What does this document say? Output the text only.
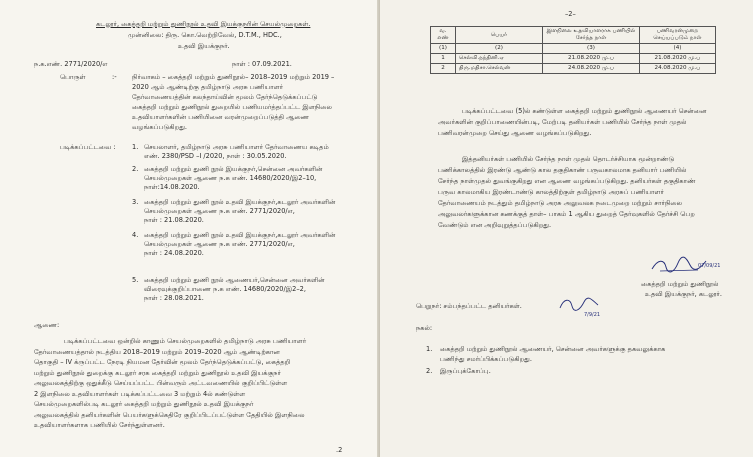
கடலூர், கைத்தறி மற்றும் துணிநூல் உதவி இயக்குநரின் செயல்முறைகள்.
முன்னிலை: திரு. கொ.வெற்றிவேல், D.T.M., HDC.,
உதவி இயக்குநர்.
ந.க.எண். 2771/2020/எ	நாள் : 07.09.2021.
பொருள்	:- நிர்வாகம் – கைத்தறி மற்றும் துணிநூல்– 2018–2019 மற்றும் 2019 –
2020 ஆம் ஆண்டிற்கு தமிழ்நாடு அரசு பணியாளர்
தேர்வாணையத்தின் கலந்தாய்வின் மூலம் தேர்ந்தெடுக்கப்பட்டு
கைத்தறி மற்றும் துணிநூல் துறையில் பணியமர்த்தப்பட்ட இளநிலை
உதவியாளர்களின் பணியினை வரன்முறைப்படுத்தி ஆணை
வழங்கப்படுகிறது.
படிக்கப்பட்டவை : 1. செயலாளர், தமிழ்நாடு அரசு பணியாளர் தேர்வாணைய கடிதம்
எண். 2380/PSD –I /2020, நாள் : 30.05.2020.
2. கைத்தறி மற்றும் துணி நூல் இயக்குநர்,சென்னை அவர்களின்
செயல்முறைகள் ஆணை ந.க எண். 14680/2020/இ2–10,
நாள்:14.08.2020.
3. கைத்தறி மற்றும் துணி நூல் உதவி இயக்குநர்,கடலூர் அவர்களின்
செயல்முறைகள் ஆணை ந.க எண். 2771/2020/எ,
நாள் : 21.08.2020.
4. கைத்தறி மற்றும் துணி நூல் உதவி இயக்குநர்,கடலூர் அவர்களின்
செயல்முறைகள் ஆணை ந.க எண். 2771/2020/எ,
நாள் : 24.08.2020.
5. கைத்தறி மற்றும் துணி நூல் ஆணையர்,சென்னை அவர்களின்
விரைவுக்குறிப்பாணை ந.க எண். 14680/2020/இ2–2,
நாள் : 28.08.2021.
ஆணை:
படிக்கப்பட்டவை ஒன்றில் காணும் செயல்முறைகளில் தமிழ்நாடு அரசு பணியாளர்
தேர்வாணையத்தால் நடத்திய 2018–2019 மற்றும் 2019–2020 ஆம் ஆண்டிற்கான
தொகுதி – IV க்ருப்பட்ட நேரடி நியமன தேர்வின் மூலம் தேர்ந்தெடுக்கப்பட்டு, கைத்தறி
மற்றும் துணிநூல் துறைக்கு கடலூர் சரக கைத்தறி மற்றும் துணிநூல் உதவி இயக்குநர்
அலுவலகத்திற்கு ஒதுக்கீடு செய்யப்பட்ட பின்வரும் அட்டவணையில் குறிப்பிட்டுள்ள
2 இளநிலை உதவியாளர்கள் படிக்கப்பட்டவை 3 மற்றும் 4ல் கண்டுள்ள
செயல்முறைகளில்படி கடலூர் கைத்தறி மற்றும் துணிநூல் உதவி இயக்குநர்
அலுவலகத்தில் தனியர்களின் பெயர்களுக்கெதிரே குறிப்பிடப்பட்டுள்ள தேதியில் இளநிலை
உதவியாளர்களாக பணியில் சேர்ந்துள்ளனர்.
.2
–2–
வ. எண்	பெயர்	இளநிலை உதவியாளராக பணியில் சேர்ந்த நாள்	பணிவரன்முறை செய்யப்படும் நாள்
(1)	(2)	(3)	(4)
1	செல்வி.நந்தினி.ஏ	21.08.2020 மு.ப	21.08.2020 மு.ப
2	திரு.மதிசா.செல்வன்	24.08.2020 மு.ப	24.08.2020 மு.ப
படிக்கப்பட்டவை (5)ல் கண்டுள்ள கைத்தறி மற்றும் துணிநூல் ஆணையர் சென்னை
அவர்களின் குறிப்பாணையின்படி, மேற்படி தனியர்கள் பணியில் சேர்ந்த நாள் முதல்
பணிவரன்முறை செய்து ஆணை வழங்கப்படுகிறது.
இத்தனியர்கள் பணியில் சேர்ந்த நாள் முதல் தொடர்ச்சியாக மூன்றாண்டு
பணிக்காலத்தில் இரண்டு ஆண்டு கால தகுதிகாண் பருவகாலமாக தனியார் பணியில்
சேர்ந்த நாள்முதல் துவங்குகிறது என ஆணை வழங்கப்படுகிறது. தனியர்கள் தகுதிகாண்
பருவ காலமாகிய இரண்டாண்டு காலத்திற்குள் தமிழ்நாடு அரசுப் பணியாளர்
தேர்வாணையம் நடத்தும் தமிழ்நாடு அரசு அலுவலக நடைமுறை மற்றும் சார்நிலை
அலுவலர்களுக்கான கணக்குத் தாள்– பாகம் 1 ஆகிய துறைத் தேர்வுகளில் தேர்ச்சி பெற
வேண்டும் என அறிவுறுத்தப்படுகிறது.
07/09/21
கைத்தறி மற்றும் துணிநூல்
உதவி இயக்குநர், கடலூர்.
பெறுநர்: சம்பந்தப்பட்ட தனியர்கள்.
7/9/21
நகல்:
1. கைத்தறி மற்றும் துணிநூல் ஆணையர், சென்னை அவர்களுக்கு தகவலுக்காக
பணிந்து சமர்ப்பிக்கப்படுகிறது.
2. இருப்புக்கோப்பு.
